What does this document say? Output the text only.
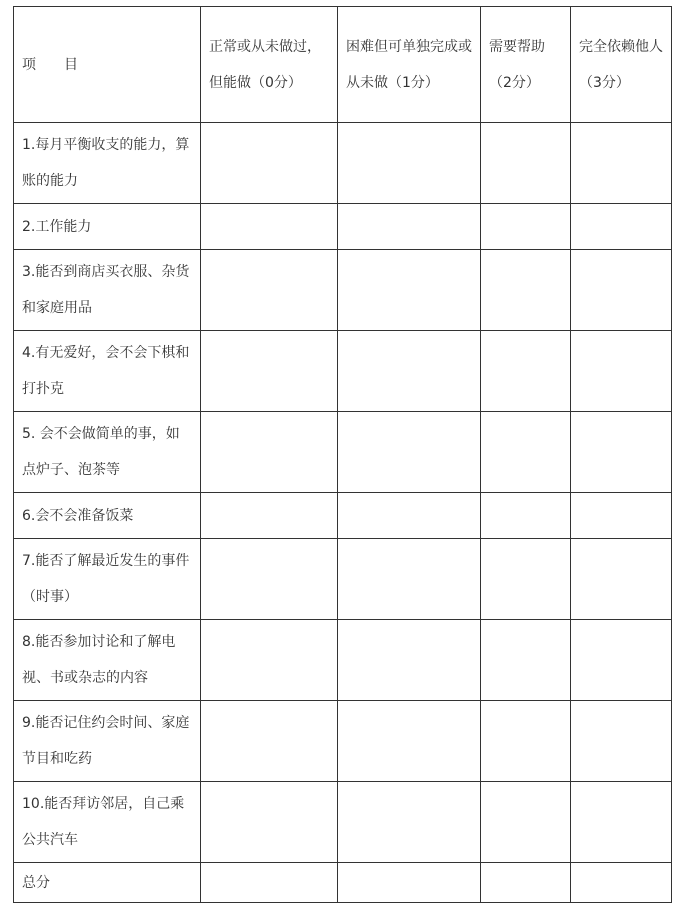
项　　目	正常或从未做过，但能做（0分）	困难但可单独完成或从未做（1分）	需要帮助（2分）	完全依赖他人（3分）
1.每月平衡收支的能力，算账的能力				
2.工作能力				
3.能否到商店买衣服、杂货和家庭用品				
4.有无爱好，会不会下棋和打扑克				
5. 会不会做简单的事，如点炉子、泡茶等				
6.会不会准备饭菜				
7.能否了解最近发生的事件（时事）				
8.能否参加讨论和了解电视、书或杂志的内容				
9.能否记住约会时间、家庭节目和吃药				
10.能否拜访邻居，自己乘公共汽车				
总分				
